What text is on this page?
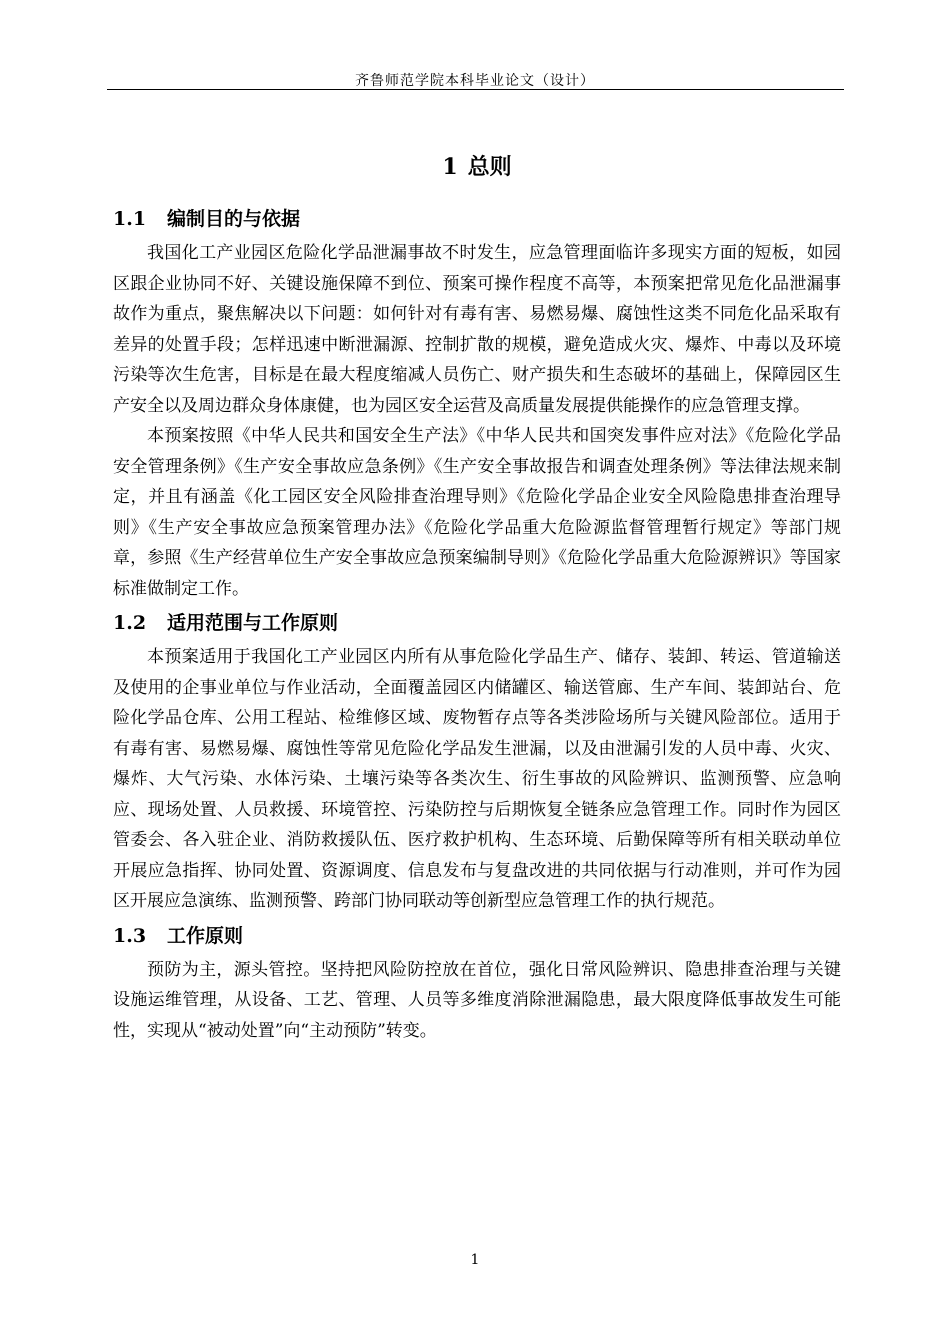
齐鲁师范学院本科毕业论文（设计）
1 总则
1.1 编制目的与依据

我国化工产业园区危险化学品泄漏事故不时发生，应急管理面临许多现实方面的短板，如园区跟企业协同不好、关键设施保障不到位、预案可操作程度不高等，本预案把常见危化品泄漏事故作为重点，聚焦解决以下问题：如何针对有毒有害、易燃易爆、腐蚀性这类不同危化品采取有差异的处置手段；怎样迅速中断泄漏源、控制扩散的规模，避免造成火灾、爆炸、中毒以及环境污染等次生危害，目标是在最大程度缩减人员伤亡、财产损失和生态破坏的基础上，保障园区生产安全以及周边群众身体康健，也为园区安全运营及高质量发展提供能操作的应急管理支撑。

本预案按照《中华人民共和国安全生产法》《中华人民共和国突发事件应对法》《危险化学品安全管理条例》《生产安全事故应急条例》《生产安全事故报告和调查处理条例》等法律法规来制定，并且有涵盖《化工园区安全风险排查治理导则》《危险化学品企业安全风险隐患排查治理导则》《生产安全事故应急预案管理办法》《危险化学品重大危险源监督管理暂行规定》等部门规章，参照《生产经营单位生产安全事故应急预案编制导则》《危险化学品重大危险源辨识》等国家标准做制定工作。

1.2 适用范围与工作原则

本预案适用于我国化工产业园区内所有从事危险化学品生产、储存、装卸、转运、管道输送及使用的企事业单位与作业活动，全面覆盖园区内储罐区、输送管廊、生产车间、装卸站台、危险化学品仓库、公用工程站、检维修区域、废物暂存点等各类涉险场所与关键风险部位。适用于有毒有害、易燃易爆、腐蚀性等常见危险化学品发生泄漏，以及由泄漏引发的人员中毒、火灾、爆炸、大气污染、水体污染、土壤污染等各类次生、衍生事故的风险辨识、监测预警、应急响应、现场处置、人员救援、环境管控、污染防控与后期恢复全链条应急管理工作。同时作为园区管委会、各入驻企业、消防救援队伍、医疗救护机构、生态环境、后勤保障等所有相关联动单位开展应急指挥、协同处置、资源调度、信息发布与复盘改进的共同依据与行动准则，并可作为园区开展应急演练、监测预警、跨部门协同联动等创新型应急管理工作的执行规范。

1.3 工作原则

预防为主，源头管控。坚持把风险防控放在首位，强化日常风险辨识、隐患排查治理与关键设施运维管理，从设备、工艺、管理、人员等多维度消除泄漏隐患，最大限度降低事故发生可能性，实现从“被动处置”向“主动预防”转变。

1
